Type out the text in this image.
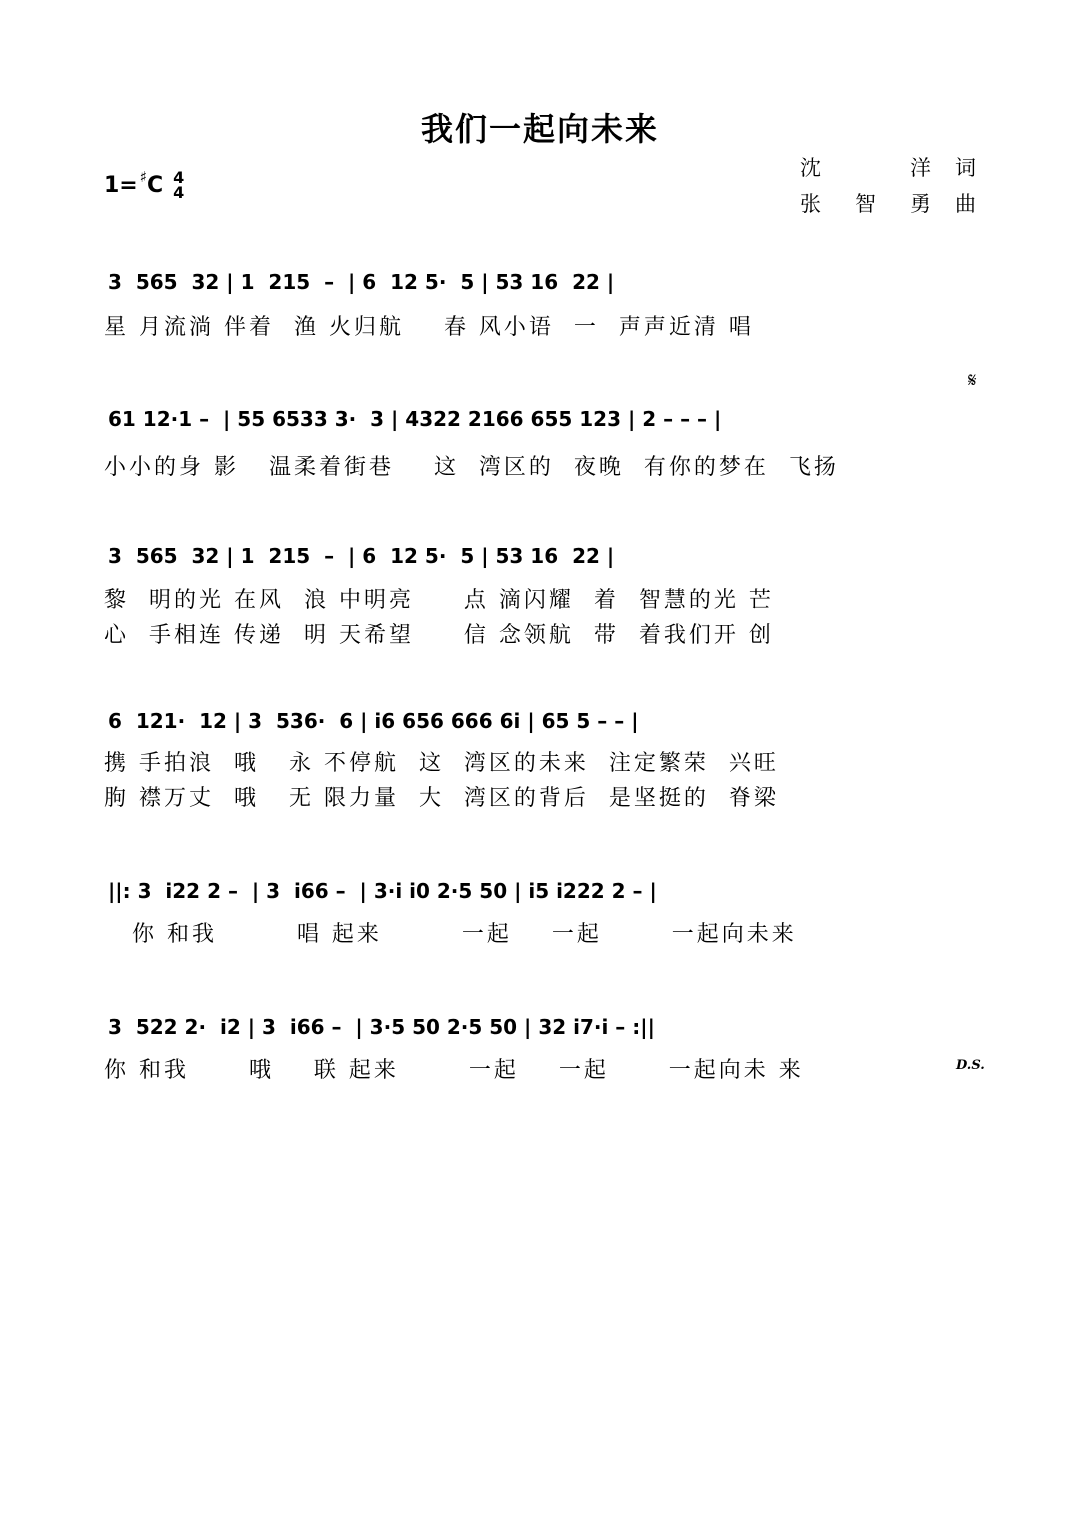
我们一起向未来
1= ♯ C 4
4
沈	洋 词
张 智 勇 曲
3  565  32 | 1  215  –  | 6  12 5·  5 | 53 16  22 |
星 月流淌 伴着  渔 火归航    春 风小语  一  声声近清 唱
𝄋
61 12·1 –  | 55 6533 3·  3 | 4322 2166 655 123 | 2 – – – |
小小的身 影   温柔着街巷    这  湾区的  夜晚  有你的梦在  飞扬
3  565  32 | 1  215  –  | 6  12 5·  5 | 53 16  22 |
黎  明的光 在风  浪 中明亮     点 滴闪耀  着  智慧的光 芒
心  手相连 传递  明 天希望     信 念领航  带  着我们开 创
6  121·  12 | 3  536·  6 | i6 656 666 6i | 65 5 – – |
携 手拍浪  哦   永 不停航  这  湾区的未来  注定繁荣  兴旺
朐 襟万丈  哦   无 限力量  大  湾区的背后  是坚挺的  脊梁
||: 3  i22 2 –  | 3  i66 –  | 3·i i0 2·5 50 | i5 i222 2 – |
你 和我        唱 起来        一起    一起       一起向未来
3  522 2·  i2 | 3  i66 –  | 3·5 50 2·5 50 | 32 i7·i – :||
你 和我      哦    联 起来       一起    一起      一起向未 来	D.S.
